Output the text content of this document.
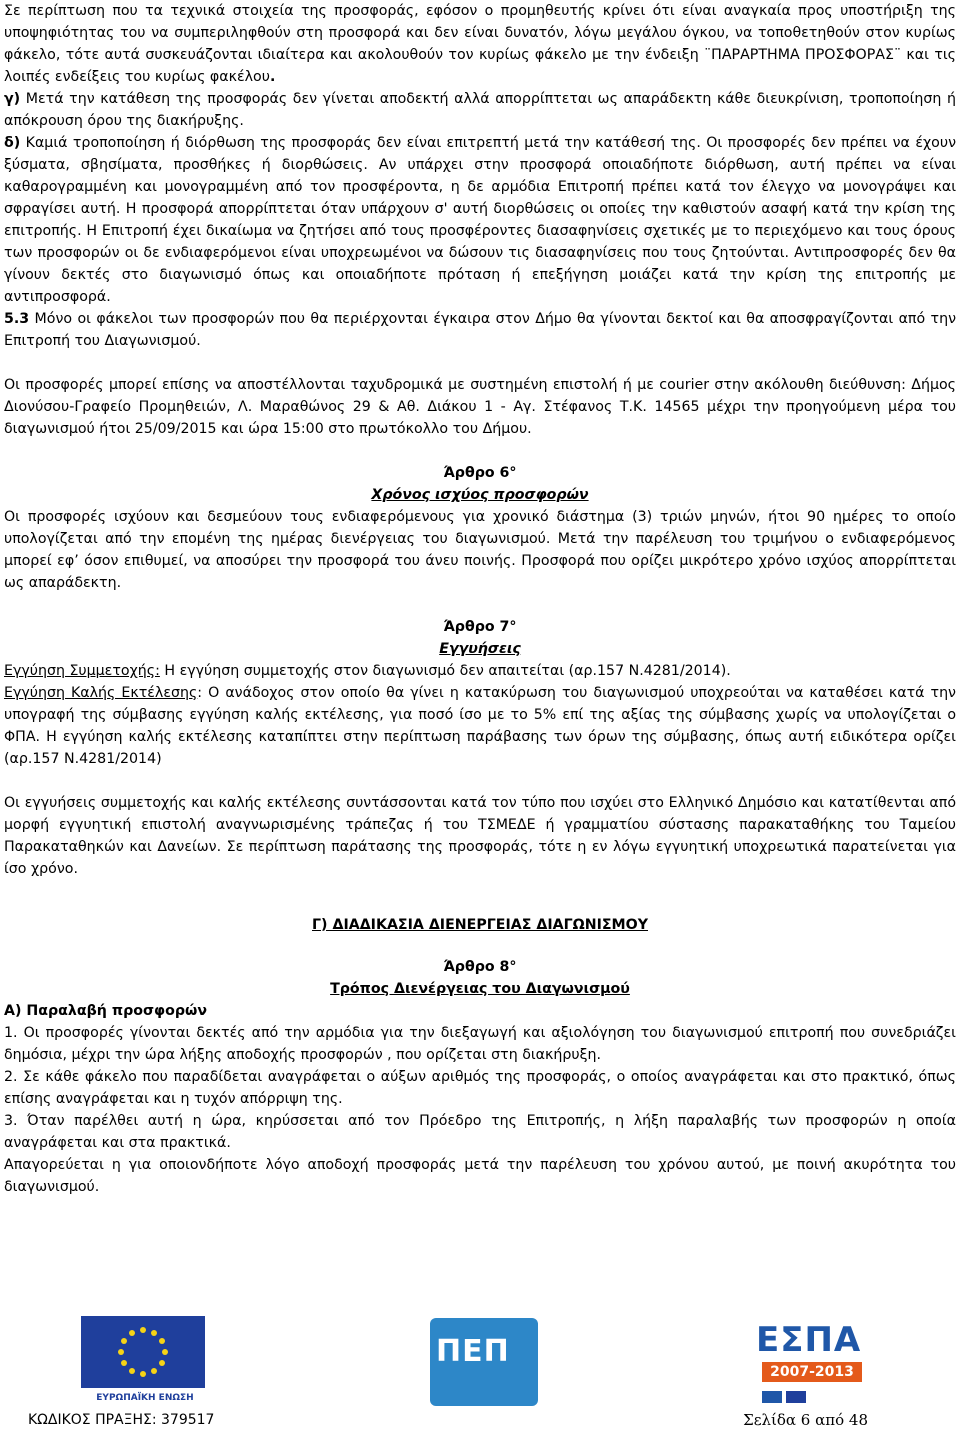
Σε περίπτωση που τα τεχνικά στοιχεία της προσφοράς, εφόσον ο προμηθευτής κρίνει ότι είναι αναγκαία προς υποστήριξη της υποψηφιότητας του να συμπεριληφθούν στη προσφορά και δεν είναι δυνατόν, λόγω μεγάλου όγκου, να τοποθετηθούν στον κυρίως φάκελο, τότε αυτά συσκευάζονται ιδιαίτερα και ακολουθούν τον κυρίως φάκελο με την ένδειξη ¨ΠΑΡΑΡΤΗΜΑ ΠΡΟΣΦΟΡΑΣ¨ και τις λοιπές ενδείξεις του κυρίως φακέλου.

γ) Μετά την κατάθεση της προσφοράς δεν γίνεται αποδεκτή αλλά απορρίπτεται ως απαράδεκτη κάθε διευκρίνιση, τροποποίηση ή απόκρουση όρου της διακήρυξης.

δ) Καμιά τροποποίηση ή διόρθωση της προσφοράς δεν είναι επιτρεπτή μετά την κατάθεσή της. Οι προσφορές δεν πρέπει να έχουν ξύσματα, σβησίματα, προσθήκες ή διορθώσεις. Αν υπάρχει στην προσφορά οποιαδήποτε διόρθωση, αυτή πρέπει να είναι καθαρογραμμένη και μονογραμμένη από τον προσφέροντα, η δε αρμόδια Επιτροπή πρέπει κατά τον έλεγχο να μονογράψει και σφραγίσει αυτή. Η προσφορά απορρίπτεται όταν υπάρχουν σ' αυτή διορθώσεις οι οποίες την καθιστούν ασαφή κατά την κρίση της επιτροπής. Η Επιτροπή έχει δικαίωμα να ζητήσει από τους προσφέροντες διασαφηνίσεις σχετικές με το περιεχόμενο και τους όρους των προσφορών οι δε ενδιαφερόμενοι είναι υποχρεωμένοι να δώσουν τις διασαφηνίσεις που τους ζητούνται. Αντιπροσφορές δεν θα γίνουν δεκτές στο διαγωνισμό όπως και οποιαδήποτε πρόταση ή επεξήγηση μοιάζει κατά την κρίση της επιτροπής με αντιπροσφορά.

5.3 Μόνο οι φάκελοι των προσφορών που θα περιέρχονται έγκαιρα στον Δήμο θα γίνονται δεκτοί και θα αποσφραγίζονται από την Επιτροπή του Διαγωνισμού.

Οι προσφορές μπορεί επίσης να αποστέλλονται ταχυδρομικά με συστημένη επιστολή ή με courier στην ακόλουθη διεύθυνση: Δήμος Διονύσου-Γραφείο Προμηθειών, Λ. Μαραθώνος 29 & Αθ. Διάκου 1 - Αγ. Στέφανος Τ.Κ. 14565 μέχρι την προηγούμενη μέρα του διαγωνισμού ήτοι 25/09/2015 και ώρα 15:00 στο πρωτόκολλο του Δήμου.

Άρθρο 6°

Χρόνος ισχύος προσφορών

Οι προσφορές ισχύουν και δεσμεύουν τους ενδιαφερόμενους για χρονικό διάστημα (3) τριών μηνών, ήτοι 90 ημέρες το οποίο υπολογίζεται από την επομένη της ημέρας διενέργειας του διαγωνισμού. Μετά την παρέλευση του τριμήνου ο ενδιαφερόμενος μπορεί εφ’ όσον επιθυμεί, να αποσύρει την προσφορά του άνευ ποινής. Προσφορά που ορίζει μικρότερο χρόνο ισχύος απορρίπτεται ως απαράδεκτη.

Άρθρο 7°

Εγγυήσεις

Εγγύηση Συμμετοχής: Η εγγύηση συμμετοχής στον διαγωνισμό δεν απαιτείται (αρ.157 Ν.4281/2014).

Εγγύηση Καλής Εκτέλεσης: Ο ανάδοχος στον οποίο θα γίνει η κατακύρωση του διαγωνισμού υποχρεούται να καταθέσει κατά την υπογραφή της σύμβασης εγγύηση καλής εκτέλεσης, για ποσό ίσο με το 5% επί της αξίας της σύμβασης χωρίς να υπολογίζεται ο ΦΠΑ. Η εγγύηση καλής εκτέλεσης καταπίπτει στην περίπτωση παράβασης των όρων της σύμβασης, όπως αυτή ειδικότερα ορίζει (αρ.157 Ν.4281/2014)

Οι εγγυήσεις συμμετοχής και καλής εκτέλεσης συντάσσονται κατά τον τύπο που ισχύει στο Ελληνικό Δημόσιο και κατατίθενται από μορφή εγγυητική επιστολή αναγνωρισμένης τράπεζας ή του ΤΣΜΕΔΕ ή γραμματίου σύστασης παρακαταθήκης του Ταμείου Παρακαταθηκών και Δανείων. Σε περίπτωση παράτασης της προσφοράς, τότε η εν λόγω εγγυητική υποχρεωτικά παρατείνεται για ίσο χρόνο.

Γ) ΔΙΑΔΙΚΑΣΙΑ ΔΙΕΝΕΡΓΕΙΑΣ ΔΙΑΓΩΝΙΣΜΟΥ

Άρθρο 8°

Τρόπος Διενέργειας του Διαγωνισμού

Α) Παραλαβή προσφορών

1. Οι προσφορές γίνονται δεκτές από την αρμόδια για την διεξαγωγή και αξιολόγηση του διαγωνισμού επιτροπή που συνεδριάζει δημόσια, μέχρι την ώρα λήξης αποδοχής προσφορών , που ορίζεται στη διακήρυξη.

2. Σε κάθε φάκελο που παραδίδεται αναγράφεται ο αύξων αριθμός της προσφοράς, ο οποίος αναγράφεται και στο πρακτικό, όπως επίσης αναγράφεται και η τυχόν απόρριψη της.

3. Όταν παρέλθει αυτή η ώρα, κηρύσσεται από τον Πρόεδρο της Επιτροπής, η λήξη παραλαβής των προσφορών η οποία αναγράφεται και στα πρακτικά.

Απαγορεύεται η για οποιονδήποτε λόγο αποδοχή προσφοράς μετά την παρέλευση του χρόνου αυτού, με ποινή ακυρότητα του διαγωνισμού.

ΕΥΡΩΠΑΪΚΗ ΕΝΩΣΗ
ΠΕΠ	ΕΣΠΑ
2007-2013
ΚΩΔΙΚΟΣ ΠΡΑΞΗΣ: 379517	Σελίδα 6 από 48
